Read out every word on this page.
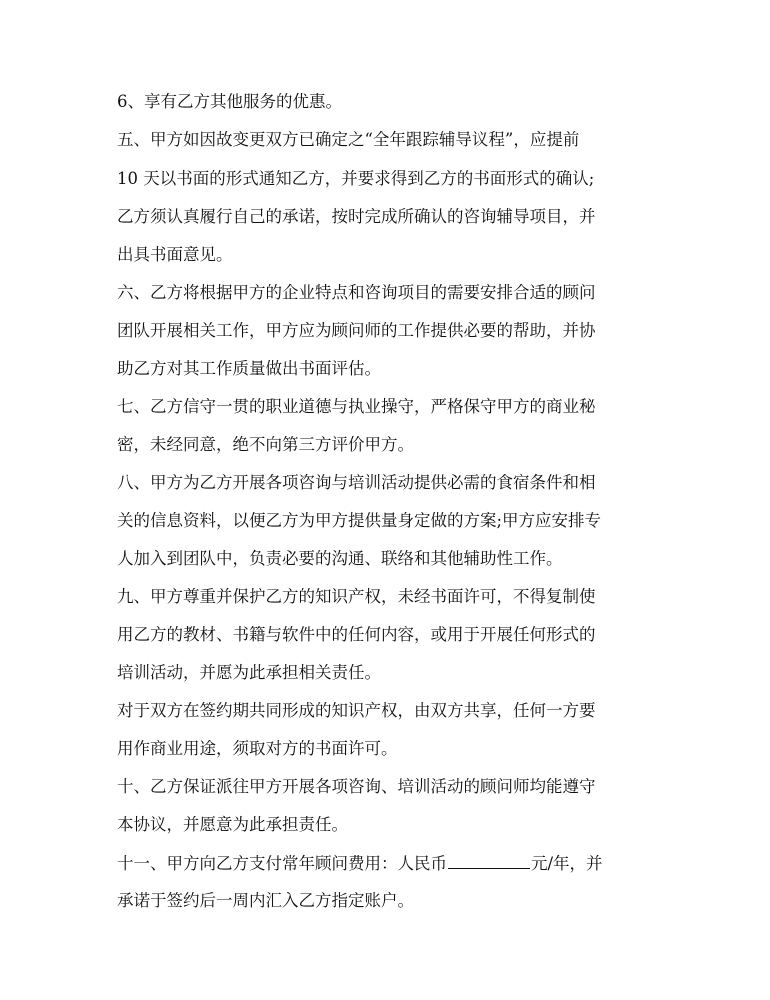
6、享有乙方其他服务的优惠。

五、甲方如因故变更双方已确定之“全年跟踪辅导议程”，应提前

10 天以书面的形式通知乙方，并要求得到乙方的书面形式的确认;

乙方须认真履行自己的承诺，按时完成所确认的咨询辅导项目，并

出具书面意见。

六、乙方将根据甲方的企业特点和咨询项目的需要安排合适的顾问

团队开展相关工作，甲方应为顾问师的工作提供必要的帮助，并协

助乙方对其工作质量做出书面评估。

七、乙方信守一贯的职业道德与执业操守，严格保守甲方的商业秘

密，未经同意，绝不向第三方评价甲方。

八、甲方为乙方开展各项咨询与培训活动提供必需的食宿条件和相

关的信息资料，以便乙方为甲方提供量身定做的方案;甲方应安排专

人加入到团队中，负责必要的沟通、联络和其他辅助性工作。

九、甲方尊重并保护乙方的知识产权，未经书面许可，不得复制使

用乙方的教材、书籍与软件中的任何内容，或用于开展任何形式的

培训活动，并愿为此承担相关责任。

对于双方在签约期共同形成的知识产权，由双方共享，任何一方要

用作商业用途，须取对方的书面许可。

十、乙方保证派往甲方开展各项咨询、培训活动的顾问师均能遵守

本协议，并愿意为此承担责任。

十一、甲方向乙方支付常年顾问费用：人民币	元/年，并

承诺于签约后一周内汇入乙方指定账户。
